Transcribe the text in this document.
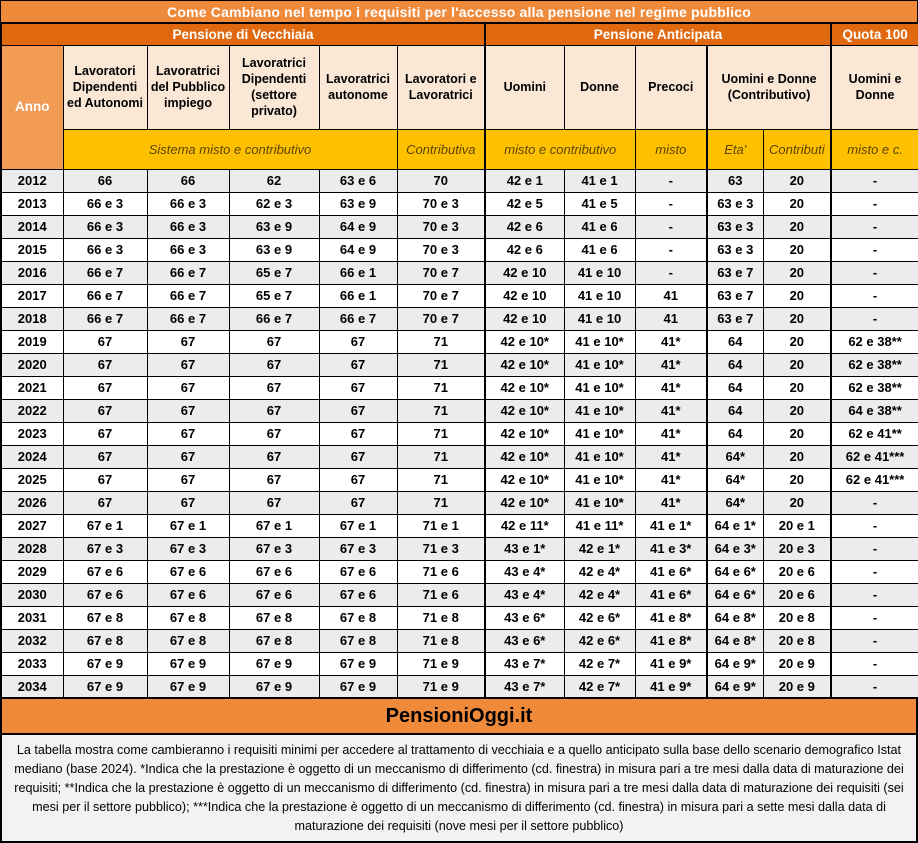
Come Cambiano nel tempo i requisiti per l'accesso alla pensione nel regime pubblico
Pensione di Vecchiaia						Pensione Anticipata					Quota 100
Anno	Lavoratori Dipendenti ed Autonomi	Lavoratrici del Pubblico impiego	Lavoratrici Dipendenti (settore privato)	Lavoratrici autonome	Lavoratori e Lavoratrici	Uomini	Donne	Precoci	Uomini e Donne (Contributivo)		Uomini e Donne
	Sistema misto e contributivo				Contributiva	misto e contributivo		misto	Eta'	Contributi	misto e c.
2012	66	66	62	63 e 6	70	42 e 1	41 e 1	-	63	20	-
2013	66 e 3	66 e 3	62 e 3	63 e 9	70 e 3	42 e 5	41 e 5	-	63 e 3	20	-
2014	66 e 3	66 e 3	63 e 9	64 e 9	70 e 3	42 e 6	41 e 6	-	63 e 3	20	-
2015	66 e 3	66 e 3	63 e 9	64 e 9	70 e 3	42 e 6	41 e 6	-	63 e 3	20	-
2016	66 e 7	66 e 7	65 e 7	66 e 1	70 e 7	42 e 10	41 e 10	-	63 e 7	20	-
2017	66 e 7	66 e 7	65 e 7	66 e 1	70 e 7	42 e 10	41 e 10	41	63 e 7	20	-
2018	66 e 7	66 e 7	66 e 7	66 e 7	70 e 7	42 e 10	41 e 10	41	63 e 7	20	-
2019	67	67	67	67	71	42 e 10*	41 e 10*	41*	64	20	62 e 38**
2020	67	67	67	67	71	42 e 10*	41 e 10*	41*	64	20	62 e 38**
2021	67	67	67	67	71	42 e 10*	41 e 10*	41*	64	20	62 e 38**
2022	67	67	67	67	71	42 e 10*	41 e 10*	41*	64	20	64 e 38**
2023	67	67	67	67	71	42 e 10*	41 e 10*	41*	64	20	62 e 41**
2024	67	67	67	67	71	42 e 10*	41 e 10*	41*	64*	20	62 e 41***
2025	67	67	67	67	71	42 e 10*	41 e 10*	41*	64*	20	62 e 41***
2026	67	67	67	67	71	42 e 10*	41 e 10*	41*	64*	20	-
2027	67 e 1	67 e 1	67 e 1	67 e 1	71 e 1	42 e 11*	41 e 11*	41 e 1*	64 e 1*	20 e 1	-
2028	67 e 3	67 e 3	67 e 3	67 e 3	71 e 3	43 e 1*	42 e 1*	41 e 3*	64 e 3*	20 e 3	-
2029	67 e 6	67 e 6	67 e 6	67 e 6	71 e 6	43 e 4*	42 e 4*	41 e 6*	64 e 6*	20 e 6	-
2030	67 e 6	67 e 6	67 e 6	67 e 6	71 e 6	43 e 4*	42 e 4*	41 e 6*	64 e 6*	20 e 6	-
2031	67 e 8	67 e 8	67 e 8	67 e 8	71 e 8	43 e 6*	42 e 6*	41 e 8*	64 e 8*	20 e 8	-
2032	67 e 8	67 e 8	67 e 8	67 e 8	71 e 8	43 e 6*	42 e 6*	41 e 8*	64 e 8*	20 e 8	-
2033	67 e 9	67 e 9	67 e 9	67 e 9	71 e 9	43 e 7*	42 e 7*	41 e 9*	64 e 9*	20 e 9	-
2034	67 e 9	67 e 9	67 e 9	67 e 9	71 e 9	43 e 7*	42 e 7*	41 e 9*	64 e 9*	20 e 9	-
PensioniOggi.it

La tabella mostra come cambieranno i requisiti minimi per accedere al trattamento di vecchiaia e a quello anticipato sulla base dello scenario demografico Istat mediano (base 2024). *Indica che la prestazione è oggetto di un meccanismo di differimento (cd. finestra) in misura pari a tre mesi dalla data di maturazione dei requisiti; **Indica che la prestazione è oggetto di un meccanismo di differimento (cd. finestra) in misura pari a tre mesi dalla data di maturazione dei requisiti (sei mesi per il settore pubblico); ***Indica che la prestazione è oggetto di un meccanismo di differimento (cd. finestra) in misura pari a sette mesi dalla data di maturazione dei requisiti (nove mesi per il settore pubblico)
